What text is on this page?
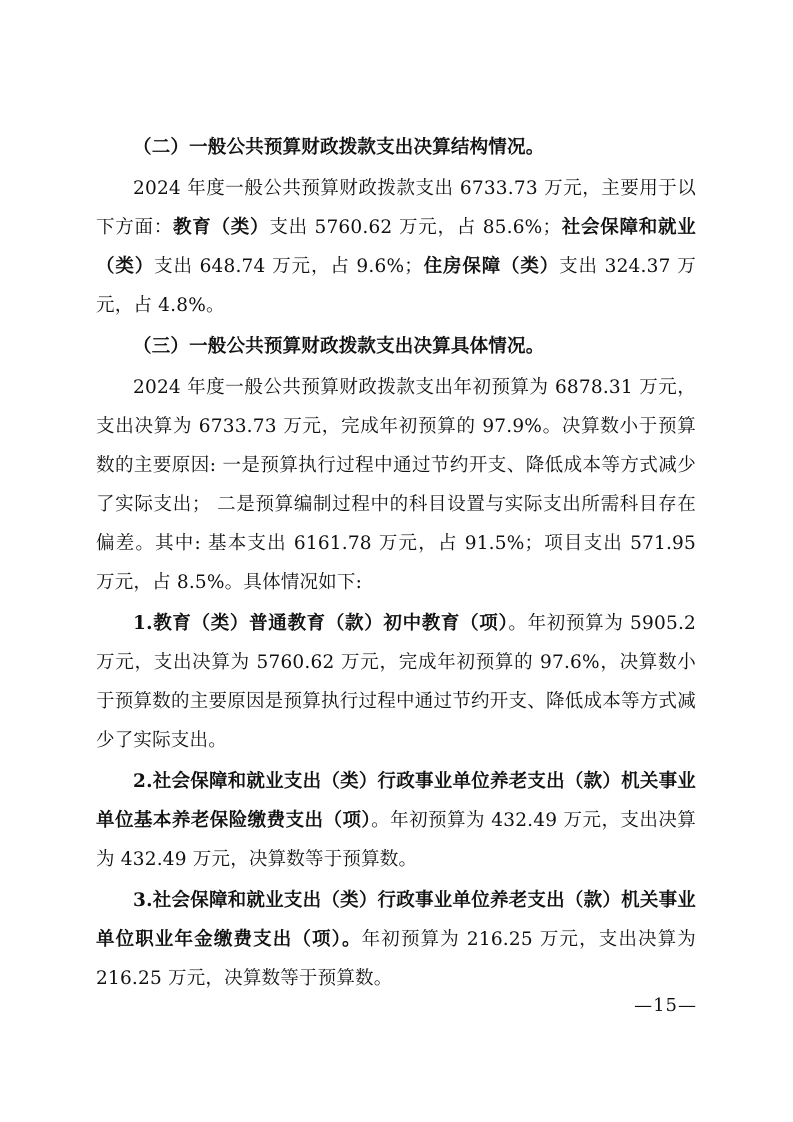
（二）一般公共预算财政拨款支出决算结构情况。

2024 年度一般公共预算财政拨款支出 6733.73 万元，主要用于以下方面：教育（类）支出 5760.62 万元，占 85.6%；社会保障和就业（类）支出 648.74 万元，占 9.6%；住房保障（类）支出 324.37 万元，占 4.8%。

（三）一般公共预算财政拨款支出决算具体情况。

2024 年度一般公共预算财政拨款支出年初预算为 6878.31 万元，支出决算为 6733.73 万元，完成年初预算的 97.9%。决算数小于预算数的主要原因: 一是预算执行过程中通过节约开支、降低成本等方式减少了实际支出； 二是预算编制过程中的科目设置与实际支出所需科目存在偏差。其中: 基本支出 6161.78 万元，占 91.5%；项目支出 571.95 万元，占 8.5%。具体情况如下:

1.教育（类）普通教育（款）初中教育（项）。年初预算为 5905.2 万元，支出决算为 5760.62 万元，完成年初预算的 97.6%，决算数小于预算数的主要原因是预算执行过程中通过节约开支、降低成本等方式减少了实际支出。

2.社会保障和就业支出（类）行政事业单位养老支出（款）机关事业单位基本养老保险缴费支出（项）。年初预算为 432.49 万元，支出决算为 432.49 万元，决算数等于预算数。

3.社会保障和就业支出（类）行政事业单位养老支出（款）机关事业单位职业年金缴费支出（项）。年初预算为 216.25 万元，支出决算为 216.25 万元，决算数等于预算数。

—15—
